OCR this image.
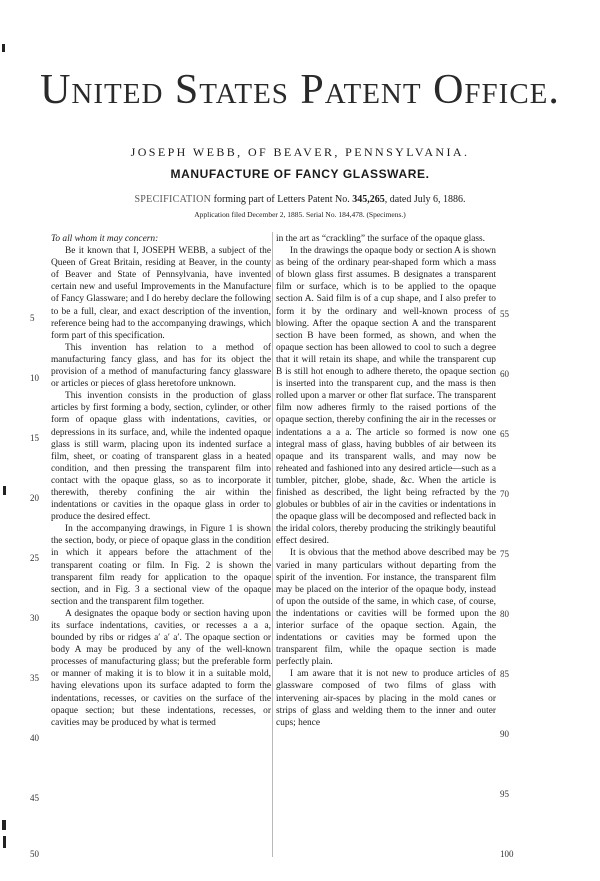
United States Patent Office.
JOSEPH WEBB, OF BEAVER, PENNSYLVANIA.
MANUFACTURE OF FANCY GLASSWARE.
SPECIFICATION forming part of Letters Patent No. 345,265, dated July 6, 1886.
Application filed December 2, 1885. Serial No. 184,478. (Specimens.)

To all whom it may concern:

Be it known that I, JOSEPH WEBB, a subject of the Queen of Great Britain, residing at Beaver, in the county of Beaver and State of Pennsylvania, have invented certain new and useful Improvements in the Manufacture of Fancy Glassware; and I do hereby declare the following to be a full, clear, and exact description of the invention, reference being had to the accompanying drawings, which form part of this specification.

This invention has relation to a method of manufacturing fancy glass, and has for its object the provision of a method of manufacturing fancy glassware or articles or pieces of glass heretofore unknown.

This invention consists in the production of glass articles by first forming a body, section, cylinder, or other form of opaque glass with indentations, cavities, or depressions in its surface, and, while the indented opaque glass is still warm, placing upon its indented surface a film, sheet, or coating of transparent glass in a heated condition, and then pressing the transparent film into contact with the opaque glass, so as to incorporate it therewith, thereby confining the air within the indentations or cavities in the opaque glass in order to produce the desired effect.

In the accompanying drawings, in Figure 1 is shown the section, body, or piece of opaque glass in the condition in which it appears before the attachment of the transparent coating or film. In Fig. 2 is shown the transparent film ready for application to the opaque section, and in Fig. 3 a sectional view of the opaque section and the transparent film together.

A designates the opaque body or section having upon its surface indentations, cavities, or recesses a a a, bounded by ribs or ridges a′ a′ a′. The opaque section or body A may be produced by any of the well-known processes of manufacturing glass; but the preferable form or manner of making it is to blow it in a suitable mold, having elevations upon its surface adapted to form the indentations, recesses, or cavities on the surface of the opaque section; but these indentations, recesses, or cavities may be produced by what is termed

in the art as “crackling” the surface of the opaque glass.

In the drawings the opaque body or section A is shown as being of the ordinary pear-shaped form which a mass of blown glass first assumes. B designates a transparent film or surface, which is to be applied to the opaque section A. Said film is of a cup shape, and I also prefer to form it by the ordinary and well-known process of blowing. After the opaque section A and the transparent section B have been formed, as shown, and when the opaque section has been allowed to cool to such a degree that it will retain its shape, and while the transparent cup B is still hot enough to adhere thereto, the opaque section is inserted into the transparent cup, and the mass is then rolled upon a marver or other flat surface. The transparent film now adheres firmly to the raised portions of the opaque section, thereby confining the air in the recesses or indentations a a a. The article so formed is now one integral mass of glass, having bubbles of air between its opaque and its transparent walls, and may now be reheated and fashioned into any desired article—such as a tumbler, pitcher, globe, shade, &c. When the article is finished as described, the light being refracted by the globules or bubbles of air in the cavities or indentations in the opaque glass will be decomposed and reflected back in the iridal colors, thereby producing the strikingly beautiful effect desired.

It is obvious that the method above described may be varied in many particulars without departing from the spirit of the invention. For instance, the transparent film may be placed on the interior of the opaque body, instead of upon the outside of the same, in which case, of course, the indentations or cavities will be formed upon the interior surface of the opaque section. Again, the indentations or cavities may be formed upon the transparent film, while the opaque section is made perfectly plain.

I am aware that it is not new to produce articles of glassware composed of two films of glass with intervening air-spaces by placing in the mold canes or strips of glass and welding them to the inner and outer cups; hence

5
10
15
20
25
30
35
40
45
50
55
60
65
70
75
80
85
90
95
100
